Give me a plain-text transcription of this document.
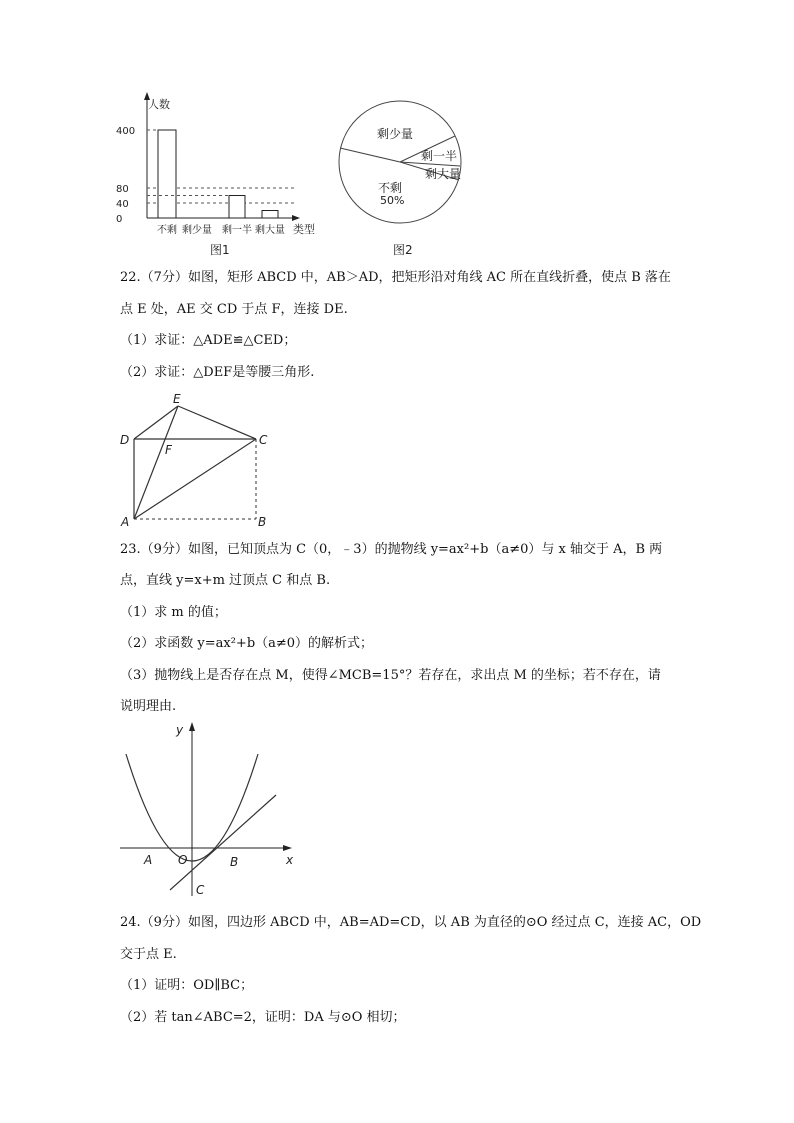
人数
类型
0
40
80
400
不剩 剩少量 剩一半 剩大量
图1
剩少量
剩一半
剩大量
不剩
50%
图2

22.（7分）如图，矩形 ABCD 中，AB＞AD，把矩形沿对角线 AC 所在直线折叠，使点 B 落在

点 E 处，AE 交 CD 于点 F，连接 DE.

（1）求证：△ADE≌△CED；

（2）求证：△DEF是等腰三角形.

E
D	C
F
A	B

23.（9分）如图，已知顶点为 C（0，﹣3）的抛物线 y=ax²+b（a≠0）与 x 轴交于 A，B 两

点，直线 y=x+m 过顶点 C 和点 B.

（1）求 m 的值；

（2）求函数 y=ax²+b（a≠0）的解析式；

（3）抛物线上是否存在点 M，使得∠MCB=15°？若存在，求出点 M 的坐标；若不存在，请

说明理由.

y
x
O
A	B
C

24.（9分）如图，四边形 ABCD 中，AB=AD=CD，以 AB 为直径的⊙O 经过点 C，连接 AC，OD

交于点 E.

（1）证明：OD∥BC；

（2）若 tan∠ABC=2，证明：DA 与⊙O 相切；
